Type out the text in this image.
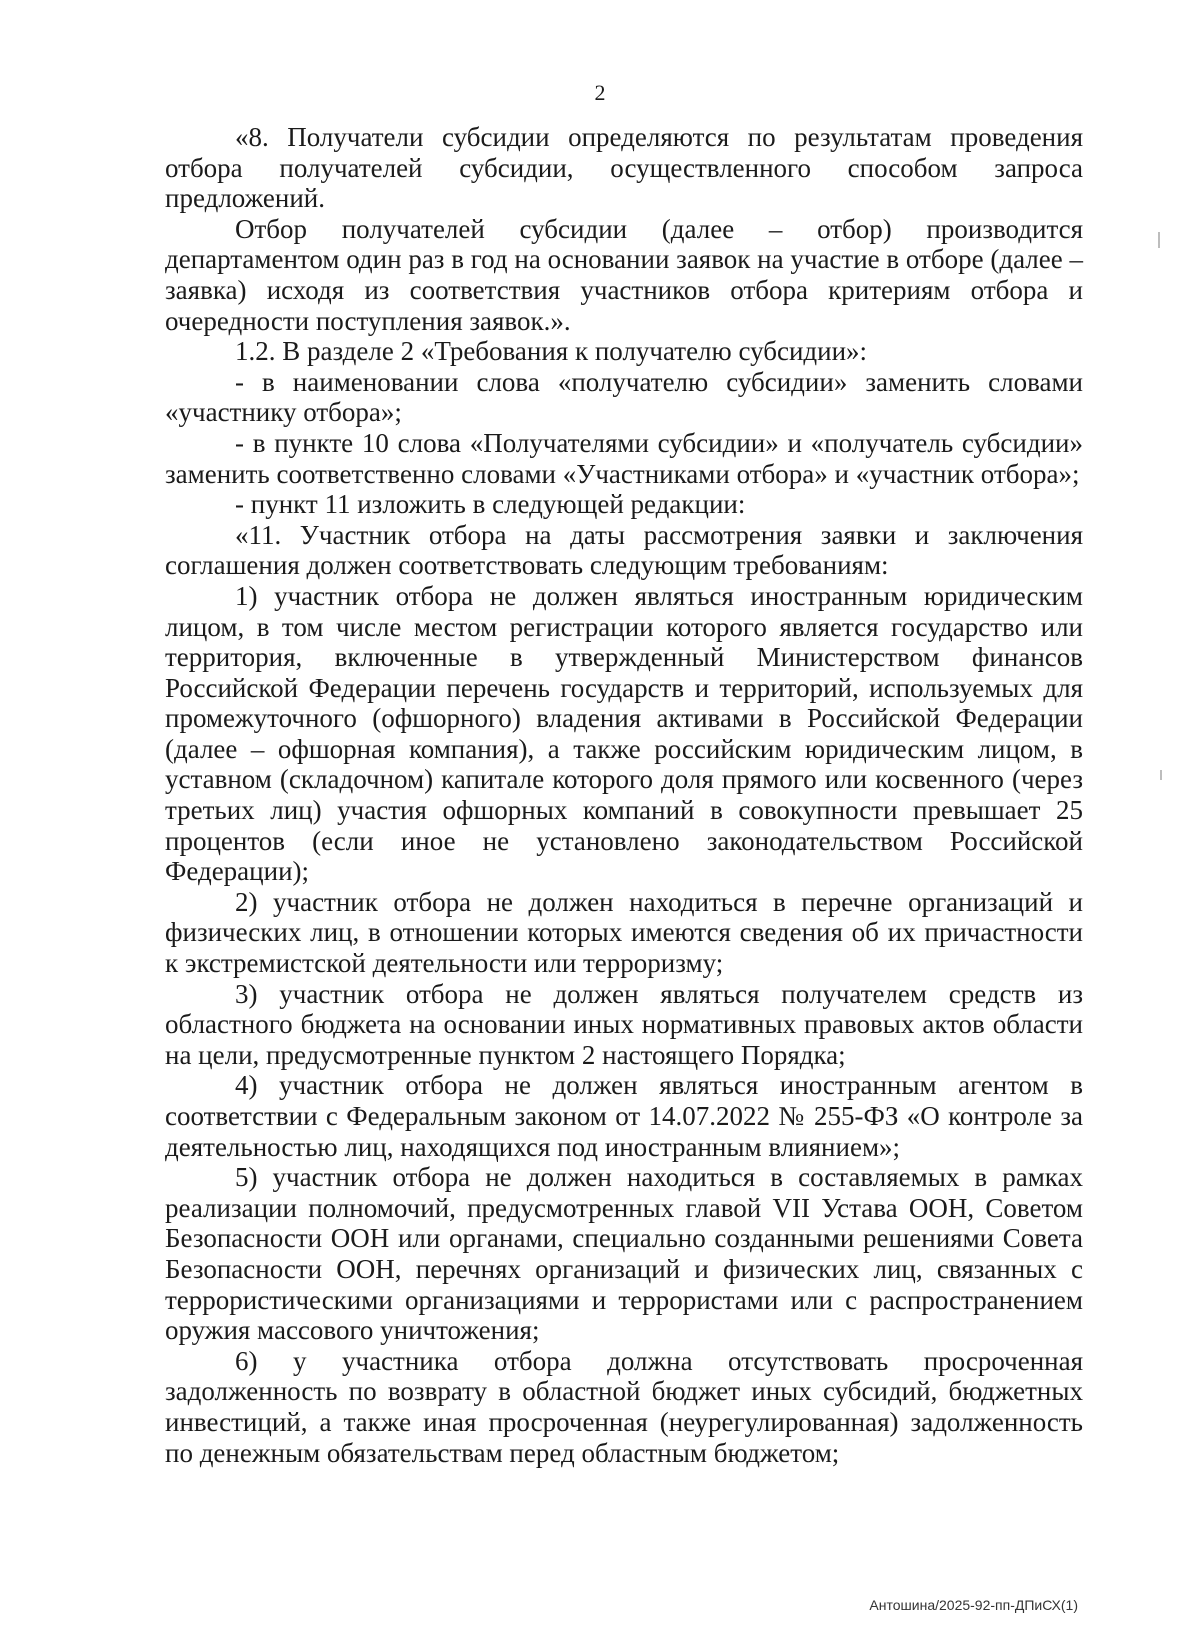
2

«8. Получатели субсидии определяются по результатам проведения отбора получателей субсидии, осуществленного способом запроса предложений.

Отбор получателей субсидии (далее – отбор) производится департаментом один раз в год на основании заявок на участие в отборе (далее – заявка) исходя из соответствия участников отбора критериям отбора и очередности поступления заявок.».

1.2. В разделе 2 «Требования к получателю субсидии»:

- в наименовании слова «получателю субсидии» заменить словами «участнику отбора»;

- в пункте 10 слова «Получателями субсидии» и «получатель субсидии» заменить соответственно словами «Участниками отбора» и «участник отбора»;

- пункт 11 изложить в следующей редакции:

«11. Участник отбора на даты рассмотрения заявки и заключения соглашения должен соответствовать следующим требованиям:

1) участник отбора не должен являться иностранным юридическим лицом, в том числе местом регистрации которого является государство или территория, включенные в утвержденный Министерством финансов Российской Федерации перечень государств и территорий, используемых для промежуточного (офшорного) владения активами в Российской Федерации (далее – офшорная компания), а также российским юридическим лицом, в уставном (складочном) капитале которого доля прямого или косвенного (через третьих лиц) участия офшорных компаний в совокупности превышает 25 процентов (если иное не установлено законодательством Российской Федерации);

2) участник отбора не должен находиться в перечне организаций и физических лиц, в отношении которых имеются сведения об их причастности к экстремистской деятельности или терроризму;

3) участник отбора не должен являться получателем средств из областного бюджета на основании иных нормативных правовых актов области на цели, предусмотренные пунктом 2 настоящего Порядка;

4) участник отбора не должен являться иностранным агентом в соответствии с Федеральным законом от 14.07.2022 № 255-ФЗ «О контроле за деятельностью лиц, находящихся под иностранным влиянием»;

5) участник отбора не должен находиться в составляемых в рамках реализации полномочий, предусмотренных главой VII Устава ООН, Советом Безопасности ООН или органами, специально созданными решениями Совета Безопасности ООН, перечнях организаций и физических лиц, связанных с террористическими организациями и террористами или с распространением оружия массового уничтожения;

6) у участника отбора должна отсутствовать просроченная задолженность по возврату в областной бюджет иных субсидий, бюджетных инвестиций, а также иная просроченная (неурегулированная) задолженность по денежным обязательствам перед областным бюджетом;

Антошина/2025-92-пп-ДПиСХ(1)
